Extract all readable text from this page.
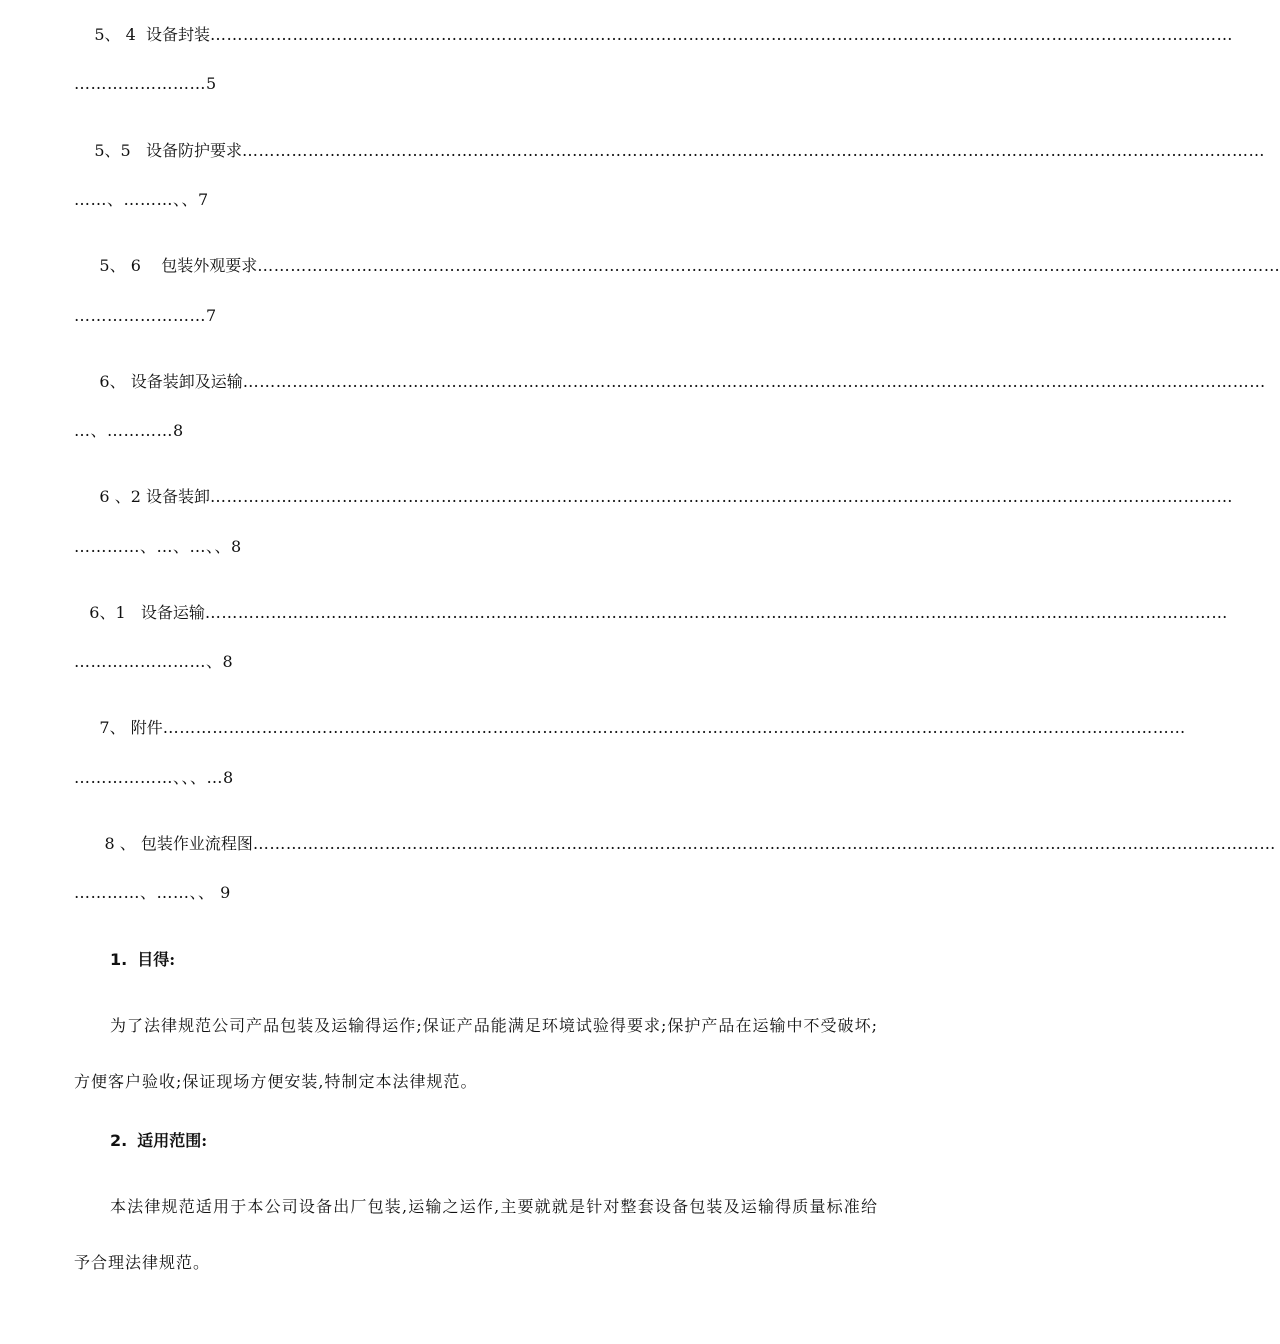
5、 4  设备封装 ……………………………………………………………………………………………………………………………………………………………………
……………………5
5、5   设备防护要求 ……………………………………………………………………………………………………………………………………………………………………
……、………、、7
5、 6    包装外观要求 ……………………………………………………………………………………………………………………………………………………………………
……………………7
6、 设备装卸及运输 ……………………………………………………………………………………………………………………………………………………………………
…、…………8
6 、2 设备装卸 ……………………………………………………………………………………………………………………………………………………………………
…………、…、…、、8
6、1   设备运输 ……………………………………………………………………………………………………………………………………………………………………
……………………、8
7、 附件 ……………………………………………………………………………………………………………………………………………………………………
………………、、、…8
8 、 包装作业流程图 ……………………………………………………………………………………………………………………………………………………………………
…………、……、、 9
1. 目得:
为了法律规范公司产品包装及运输得运作;保证产品能满足环境试验得要求;保护产品在运输中不受破坏;方便客户验收;保证现场方便安装,特制定本法律规范。
2. 适用范围:
本法律规范适用于本公司设备出厂包装,运输之运作,主要就就是针对整套设备包装及运输得质量标准给予合理法律规范。
